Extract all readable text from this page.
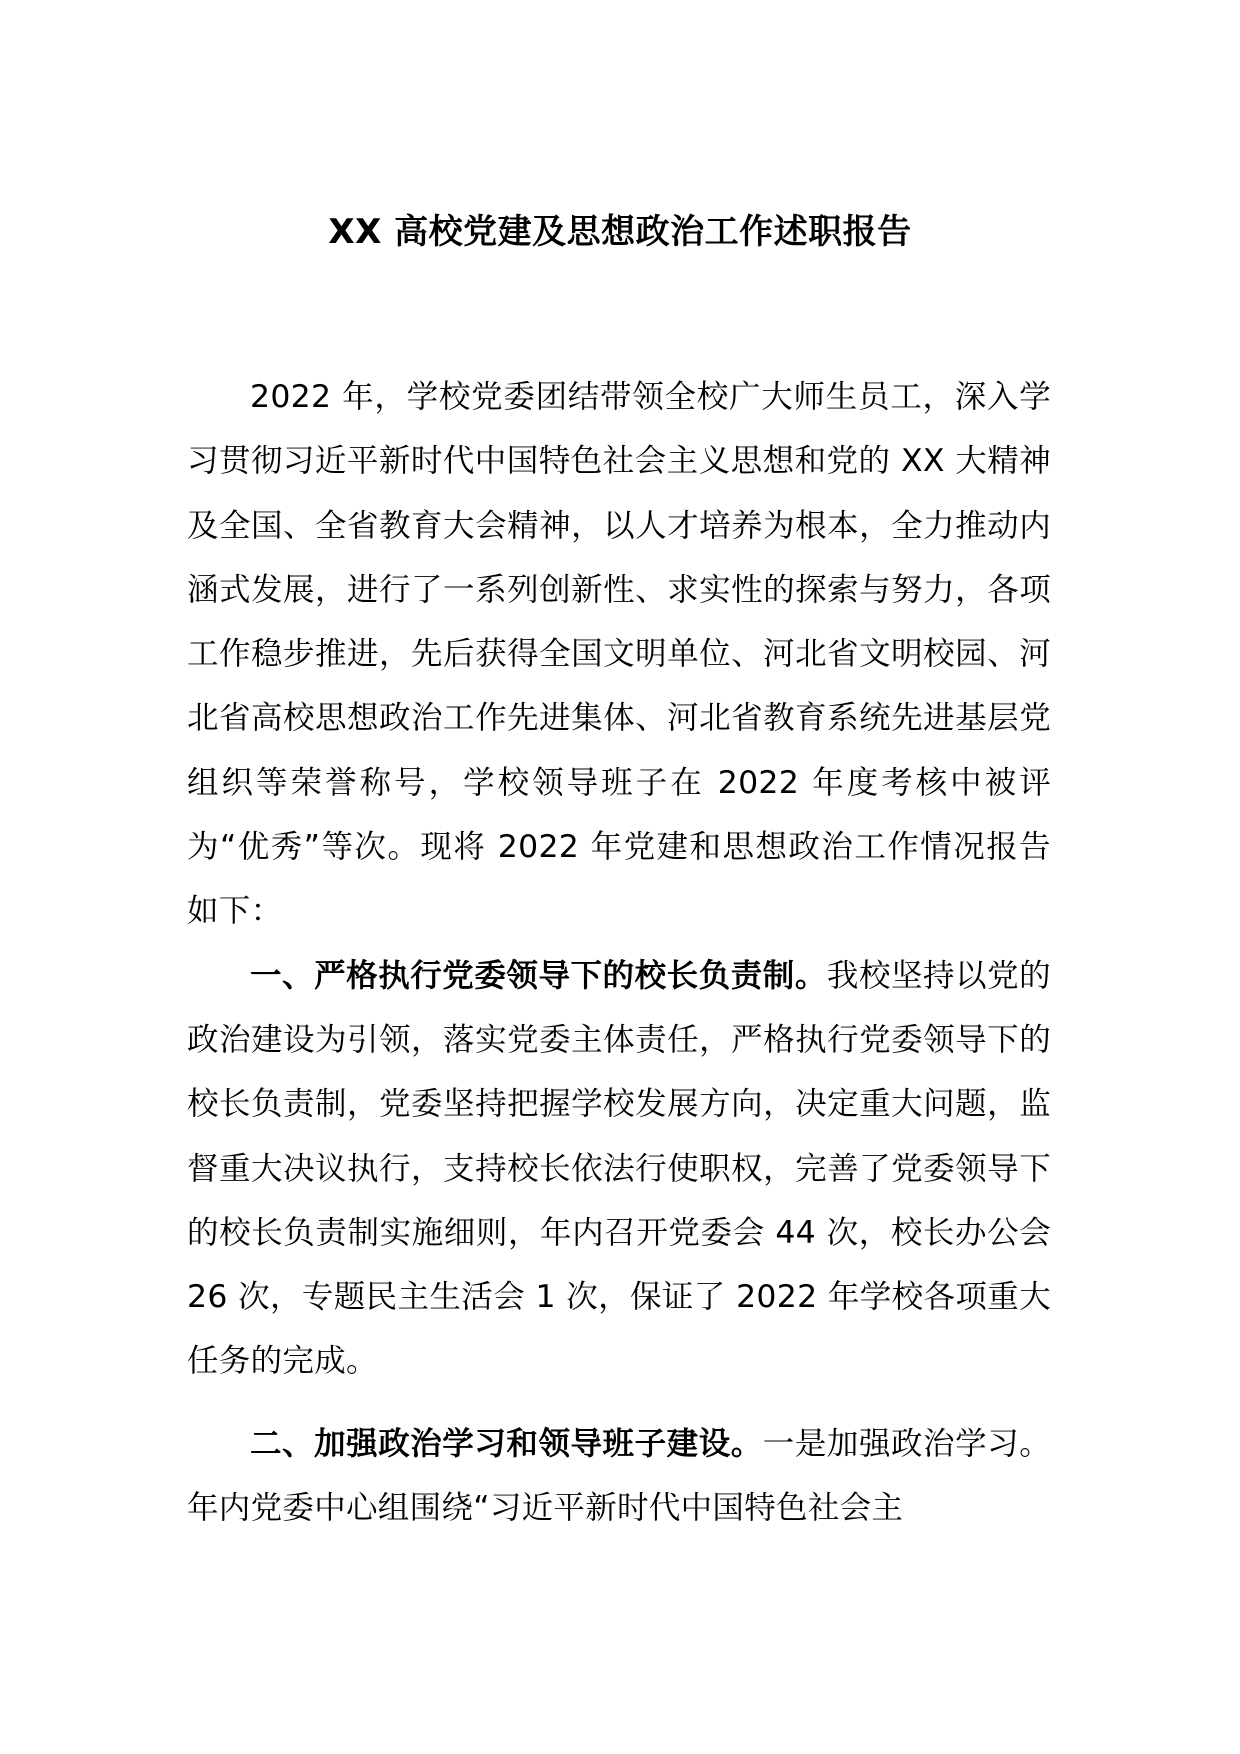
XX 高校党建及思想政治工作述职报告

2022 年，学校党委团结带领全校广大师生员工，深入学习贯彻习近平新时代中国特色社会主义思想和党的 XX 大精神及全国、全省教育大会精神，以人才培养为根本，全力推动内涵式发展，进行了一系列创新性、求实性的探索与努力，各项工作稳步推进，先后获得全国文明单位、河北省文明校园、河北省高校思想政治工作先进集体、河北省教育系统先进基层党组织等荣誉称号，学校领导班子在 2022 年度考核中被评为“优秀”等次。现将 2022 年党建和思想政治工作情况报告如下：

一、严格执行党委领导下的校长负责制。我校坚持以党的政治建设为引领，落实党委主体责任，严格执行党委领导下的校长负责制，党委坚持把握学校发展方向，决定重大问题，监督重大决议执行，支持校长依法行使职权，完善了党委领导下的校长负责制实施细则，年内召开党委会 44 次，校长办公会 26 次，专题民主生活会 1 次，保证了 2022 年学校各项重大任务的完成。

二、加强政治学习和领导班子建设。一是加强政治学习。年内党委中心组围绕“习近平新时代中国特色社会主
